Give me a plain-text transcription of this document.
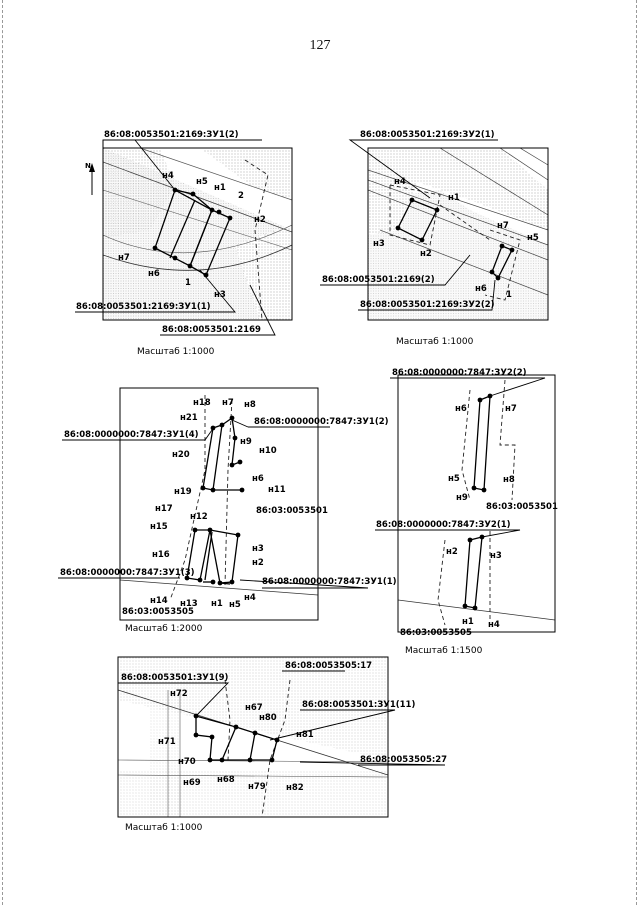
127
N
86:08:0053501:2169:ЗУ1(2)
86:08:0053501:2169:ЗУ1(1)
86:08:0053501:2169
н4
н5
н1
2
н2
н7
н6
1
н3
Масштаб 1:1000
86:08:0053501:2169:ЗУ2(1)
86:08:0053501:2169(2)
86:08:0053501:2169:ЗУ2(2)
н4
н1
н3
н2
н7
н5
н6
1
Масштаб 1:1000
86:08:0000000:7847:ЗУ1(4)
86:08:0000000:7847:ЗУ1(2)
86:03:0053501
86:08:0000000:7847:ЗУ1(3)
86:08:0000000:7847:ЗУ1(1)
86:03:0053505
н18 н7 н8
н21
н9
н10
н20
н6
н19	н11
н17
н12
н15
н16
н3
н2
н14 н13 н1 н5
н4
Масштаб 1:2000
86:08:0000000:7847:ЗУ2(2)
86:08:0000000:7847:ЗУ2(1)
86:03:0053501
86:03:0053505
н6	н7
н5	н8
н9
н2	н3
н1 н4
Масштаб 1:1500
86:08:0053505:17
86:08:0053501:ЗУ1(9)
86:08:0053501:ЗУ1(11)
86:08:0053505:27
н72
н67
н80
н81
н71
н70
н69 н68
н79 н82
Масштаб 1:1000
